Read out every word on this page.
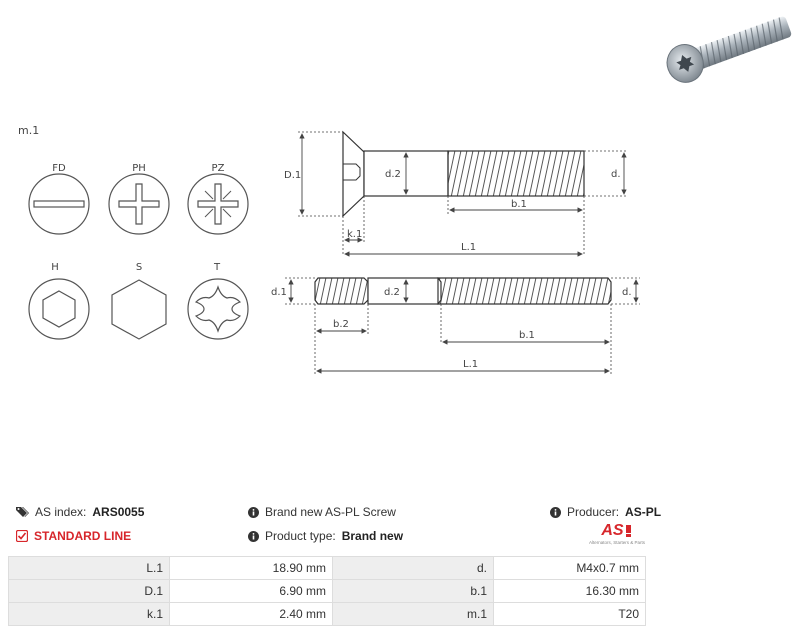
m.1
FD	PH	PZ
H	S	T
D.1	d.2	d.
b.1
k.1
L.1
d.1	d.2	d.
b.2
b.1
L.1
AS index: ARS0055
STANDARD LINE
Brand new AS-PL Screw
Product type: Brand new
Producer: AS-PL
AS
Alternators, Starters & Parts
L.1	18.90 mm	d.	M4x0.7 mm
D.1	6.90 mm	b.1	16.30 mm
k.1	2.40 mm	m.1	T20
